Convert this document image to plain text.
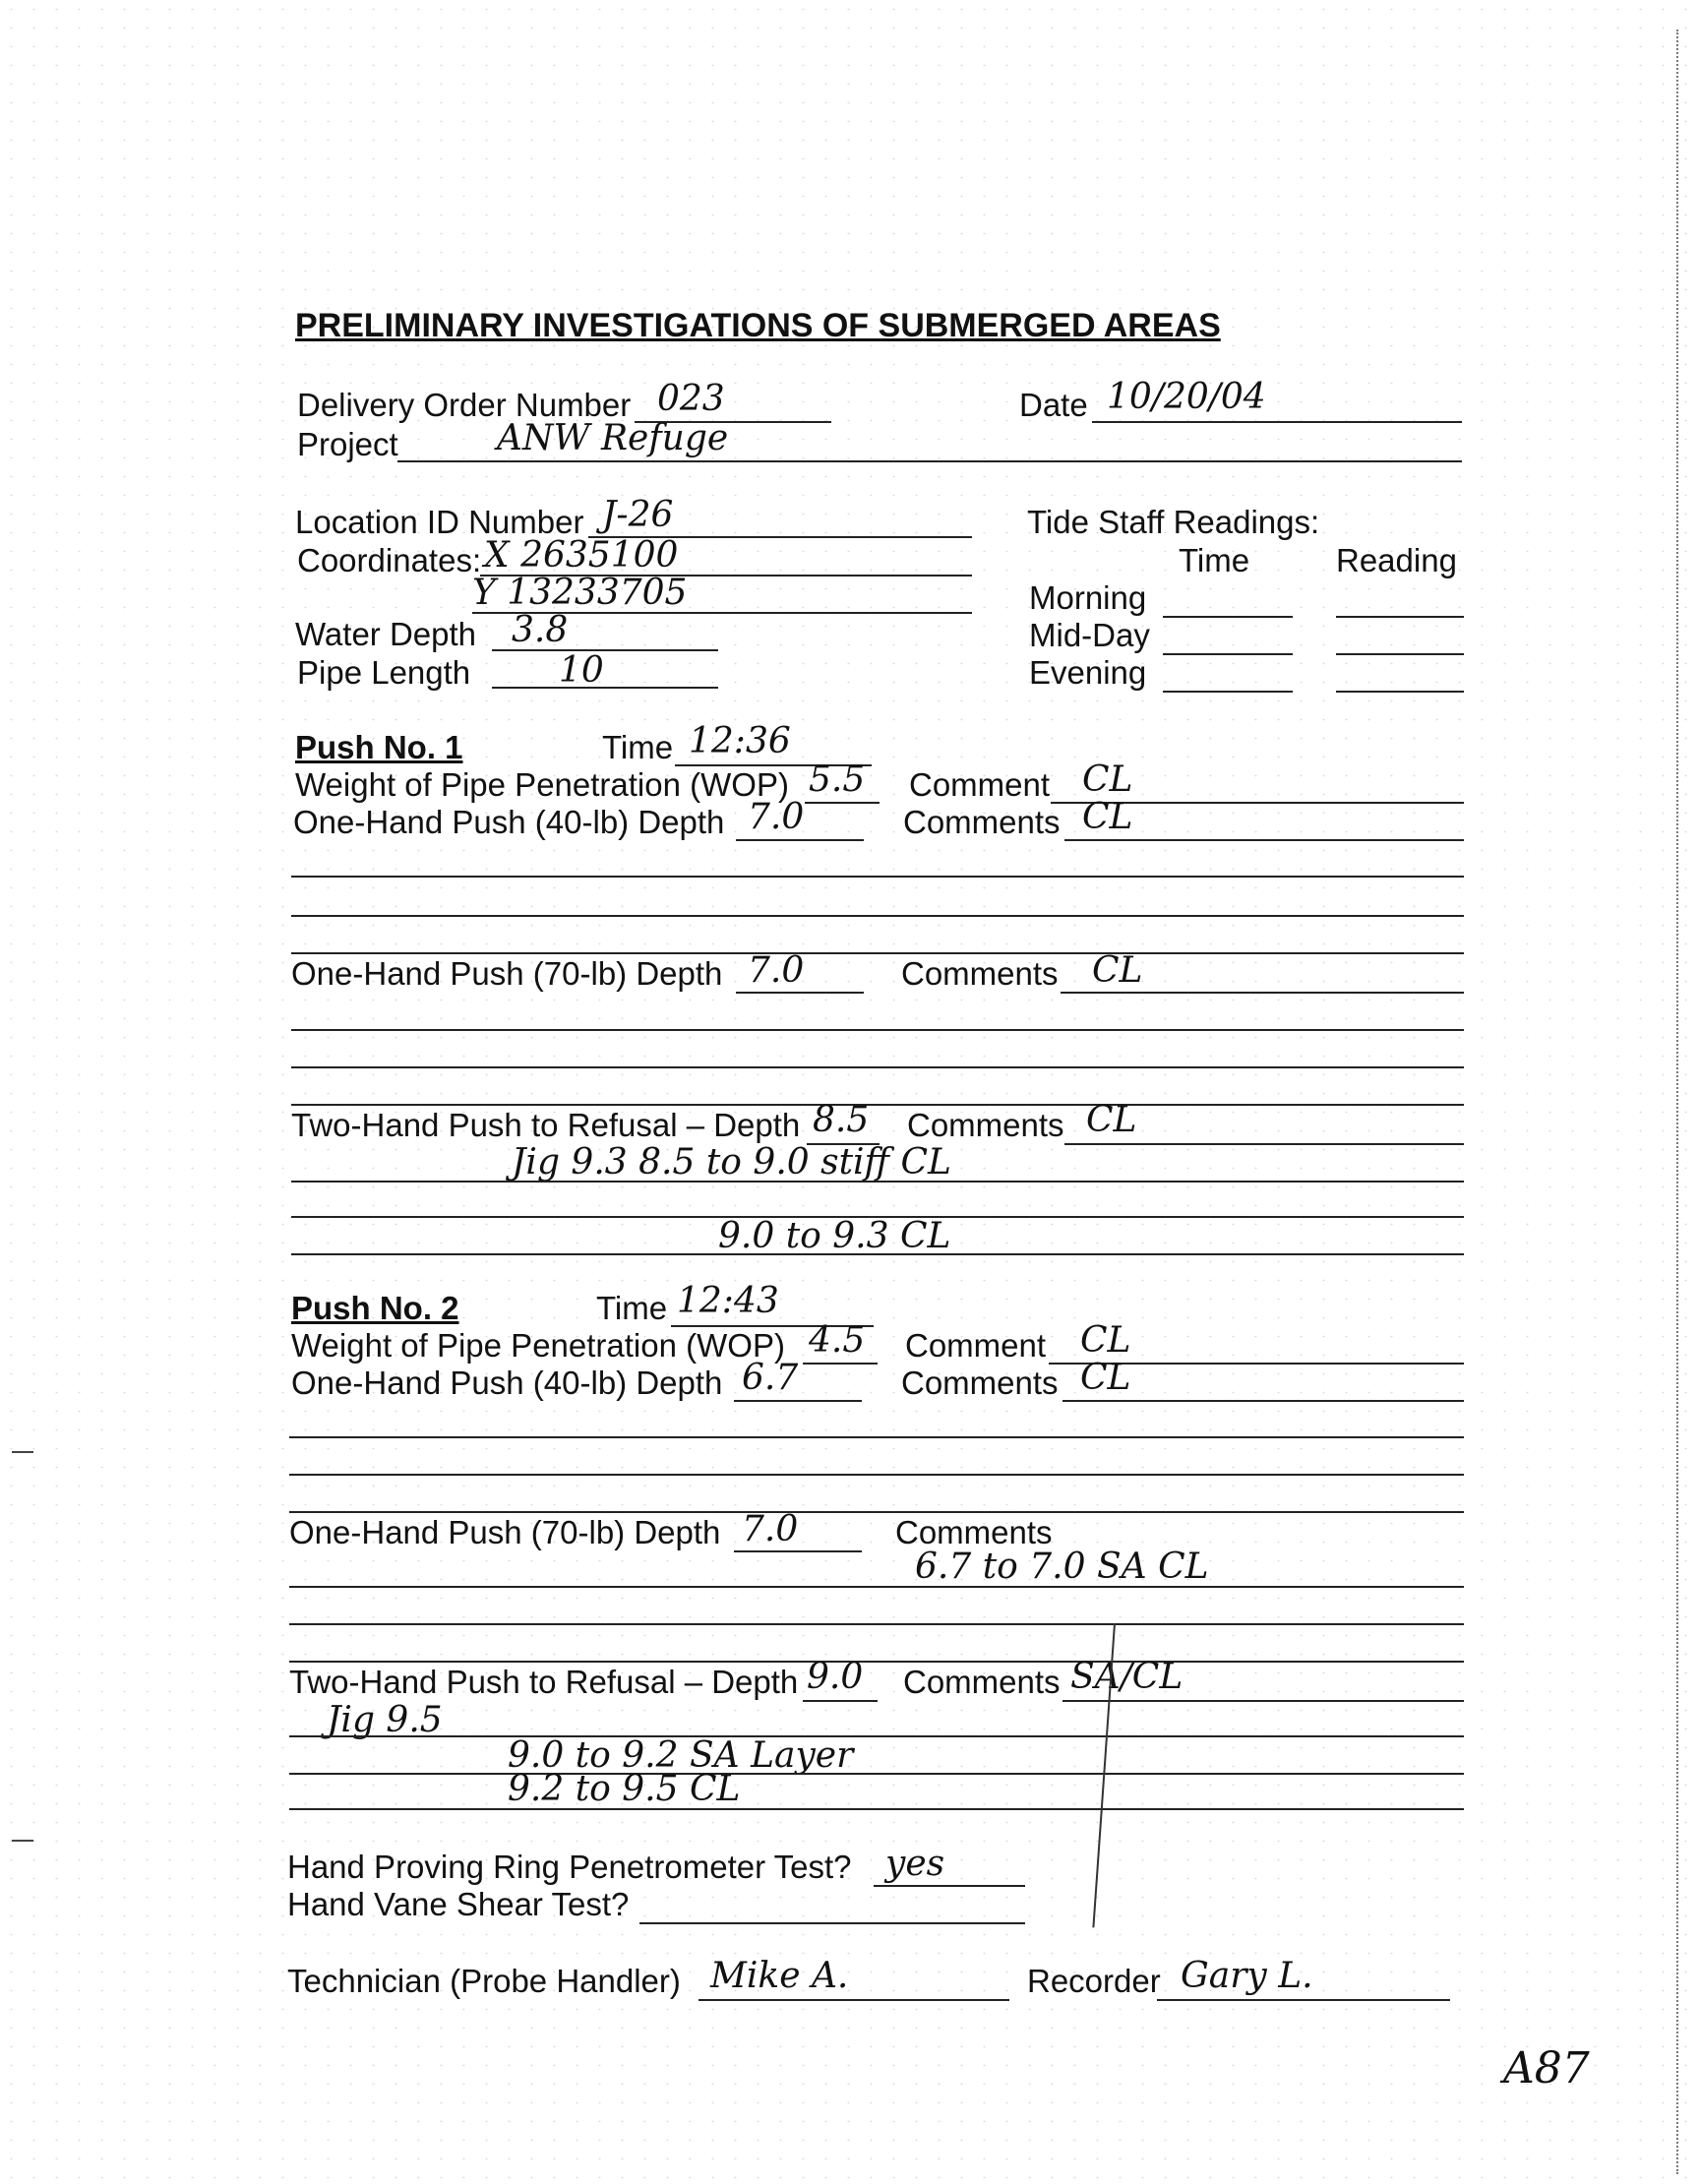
PRELIMINARY INVESTIGATIONS OF SUBMERGED AREAS
Delivery Order Number 023	Date 10/20/04
Project	ANW Refuge
Location ID Number J-26
Coordinates: X 2635100
Y 13233705
Water Depth 3.8
Pipe Length 10
Tide Staff Readings:
Time	Reading
Morning
Mid-Day
Evening
Push No. 1	Time 12:36
Weight of Pipe Penetration (WOP) 5.5 Comment CL
One-Hand Push (40-lb) Depth 7.0	Comments CL
One-Hand Push (70-lb) Depth 7.0	Comments CL
Two-Hand Push to Refusal – Depth 8.5 Comments CL
Jig 9.3 8.5 to 9.0 stiff CL
9.0 to 9.3 CL
Push No. 2	Time 12:43
Weight of Pipe Penetration (WOP) 4.5 Comment CL
One-Hand Push (40-lb) Depth 6.7	Comments CL
One-Hand Push (70-lb) Depth 7.0	Comments
6.7 to 7.0 SA CL
Two-Hand Push to Refusal – Depth 9.0 Comments SA/CL
Jig 9.5
9.0 to 9.2 SA Layer
9.2 to 9.5 CL
Hand Proving Ring Penetrometer Test? yes
Hand Vane Shear Test?
Technician (Probe Handler) Mike A.	Recorder Gary L.
A87
